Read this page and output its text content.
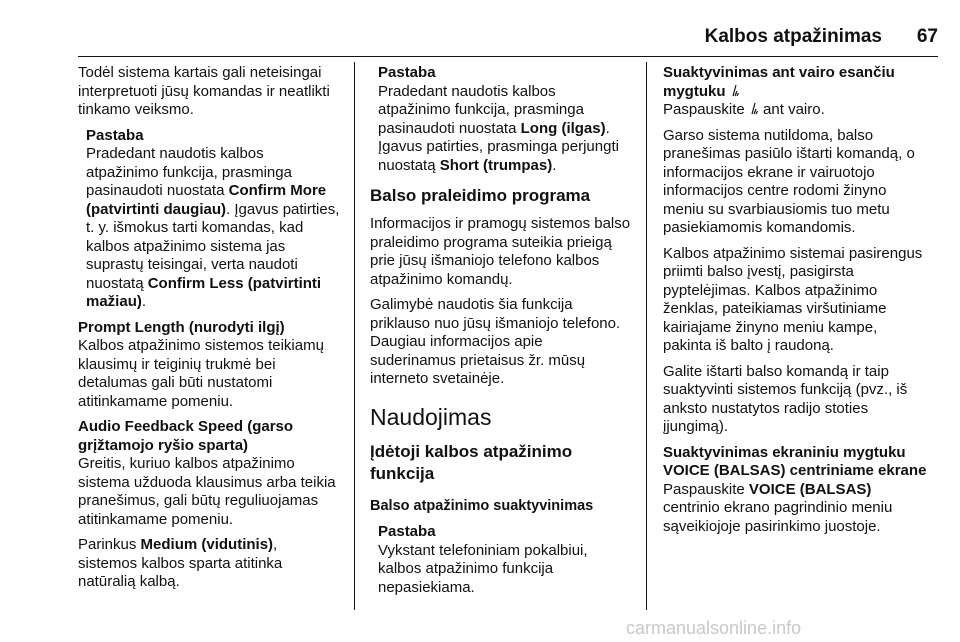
Kalbos atpažinimas 67

Todėl sistema kartais gali neteisingai interpretuoti jūsų komandas ir neatlikti tinkamo veiksmo.

Pastaba

Pradedant naudotis kalbos atpažinimo funkcija, prasminga pasinaudoti nuostata Confirm More (patvirtinti daugiau). Įgavus patirties, t. y. išmokus tarti komandas, kad kalbos atpažinimo sistema jas suprastų teisingai, verta naudoti nuostatą Confirm Less (patvirtinti mažiau).

Prompt Length (nurodyti ilgį)

Kalbos atpažinimo sistemos teikiamų klausimų ir teiginių trukmė bei detalumas gali būti nustatomi atitinkamame pomeniu.

Audio Feedback Speed (garso grįžtamojo ryšio sparta)

Greitis, kuriuo kalbos atpažinimo sistema užduoda klausimus arba teikia pranešimus, gali būtų reguliuojamas atitinkamame pomeniu.

Parinkus Medium (vidutinis), sistemos kalbos sparta atitinka natūralią kalbą.

Pastaba

Pradedant naudotis kalbos atpažinimo funkcija, prasminga pasinaudoti nuostata Long (ilgas). Įgavus patirties, prasminga perjungti nuostatą Short (trumpas).

Balso praleidimo programa

Informacijos ir pramogų sistemos balso praleidimo programa suteikia prieigą prie jūsų išmaniojo telefono kalbos atpažinimo komandų.

Galimybė naudotis šia funkcija priklauso nuo jūsų išmaniojo telefono. Daugiau informacijos apie suderinamus prietaisus žr. mūsų interneto svetainėje.

Naudojimas
Įdėtoji kalbos atpažinimo funkcija
Balso atpažinimo suaktyvinimas
Pastaba

Vykstant telefoniniam pokalbiui, kalbos atpažinimo funkcija nepasiekiama.

Suaktyvinimas ant vairo esančiu mygtuku

Paspauskite  ant vairo.

Garso sistema nutildoma, balso pranešimas pasiūlo ištarti komandą, o informacijos ekrane ir vairuotojo informacijos centre rodomi žinyno meniu su svarbiausiomis tuo metu pasiekiamomis komandomis.

Kalbos atpažinimo sistemai pasirengus priimti balso įvestį, pasigirsta pyptelėjimas. Kalbos atpažinimo ženklas, pateikiamas viršutiniame kairiajame žinyno meniu kampe, pakinta iš balto į raudoną.

Galite ištarti balso komandą ir taip suaktyvinti sistemos funkciją (pvz., iš anksto nustatytos radijo stoties įjungimą).

Suaktyvinimas ekraniniu mygtuku VOICE (BALSAS) centriniame ekrane

Paspauskite VOICE (BALSAS) centrinio ekrano pagrindinio meniu sąveikiojoje pasirinkimo juostoje.

carmanualsonline.info
